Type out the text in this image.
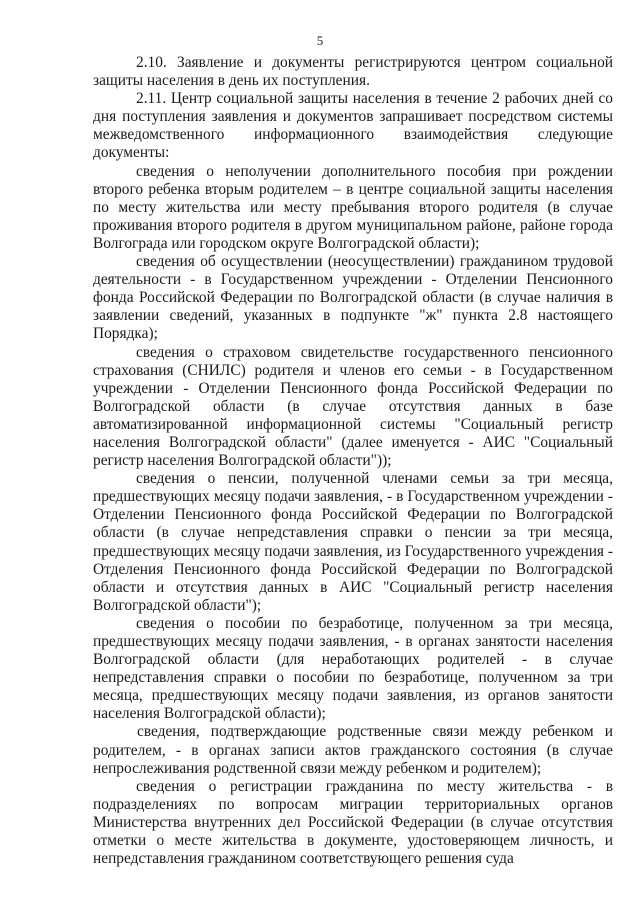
5

2.10. Заявление и документы регистрируются центром социальной защиты населения в день их поступления.

2.11. Центр социальной защиты населения в течение 2 рабочих дней со дня поступления заявления и документов запрашивает посредством системы межведомственного информационного взаимодействия следующие документы:

сведения о неполучении дополнительного пособия при рождении второго ребенка вторым родителем – в центре социальной защиты населения по месту жительства или месту пребывания второго родителя (в случае проживания второго родителя в другом муниципальном районе, районе города Волгограда или городском округе Волгоградской области);

сведения об осуществлении (неосуществлении) гражданином трудовой деятельности - в Государственном учреждении - Отделении Пенсионного фонда Российской Федерации по Волгоградской области (в случае наличия в заявлении сведений, указанных в подпункте "ж" пункта 2.8 настоящего Порядка);

сведения о страховом свидетельстве государственного пенсионного страхования (СНИЛС) родителя и членов его семьи - в Государственном учреждении - Отделении Пенсионного фонда Российской Федерации по Волгоградской области (в случае отсутствия данных в базе автоматизированной информационной системы "Социальный регистр населения Волгоградской области" (далее именуется - АИС "Социальный регистр населения Волгоградской области"));

сведения о пенсии, полученной членами семьи за три месяца, предшествующих месяцу подачи заявления, - в Государственном учреждении - Отделении Пенсионного фонда Российской Федерации по Волгоградской области (в случае непредставления справки о пенсии за три месяца, предшествующих месяцу подачи заявления, из Государственного учреждения - Отделения Пенсионного фонда Российской Федерации по Волгоградской области и отсутствия данных в АИС "Социальный регистр населения Волгоградской области");

сведения о пособии по безработице, полученном за три месяца, предшествующих месяцу подачи заявления, - в органах занятости населения Волгоградской области (для неработающих родителей - в случае непредставления справки о пособии по безработице, полученном за три месяца, предшествующих месяцу подачи заявления, из органов занятости населения Волгоградской области);

сведения, подтверждающие родственные связи между ребенком и родителем, - в органах записи актов гражданского состояния (в случае непрослеживания родственной связи между ребенком и родителем);

сведения о регистрации гражданина по месту жительства - в подразделениях по вопросам миграции территориальных органов Министерства внутренних дел Российской Федерации (в случае отсутствия отметки о месте жительства в документе, удостоверяющем личность, и непредставления гражданином соответствующего решения суда
